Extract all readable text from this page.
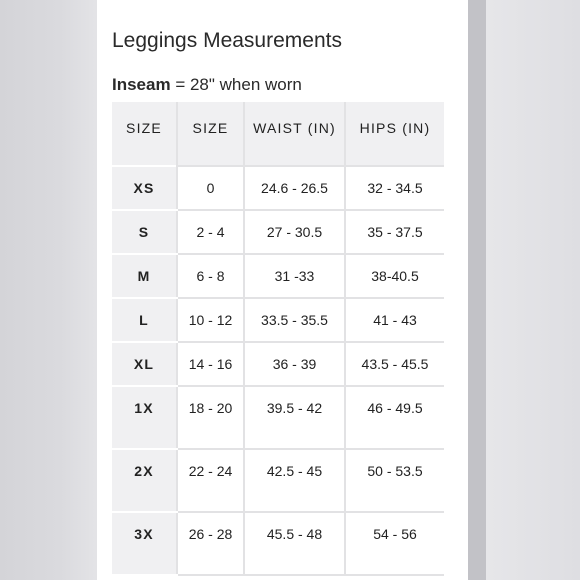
Leggings Measurements
Inseam = 28" when worn
SIZE	SIZE	WAIST (IN)	HIPS (IN)
XS	0	24.6 - 26.5	32 - 34.5
S	2 - 4	27 - 30.5	35 - 37.5
M	6 - 8	31 -33	38-40.5
L	10 - 12	33.5 - 35.5	41 - 43
XL	14 - 16	36 - 39	43.5 - 45.5
1X	18 - 20	39.5 - 42	46 - 49.5
2X	22 - 24	42.5 - 45	50 - 53.5
3X	26 - 28	45.5 - 48	54 - 56
